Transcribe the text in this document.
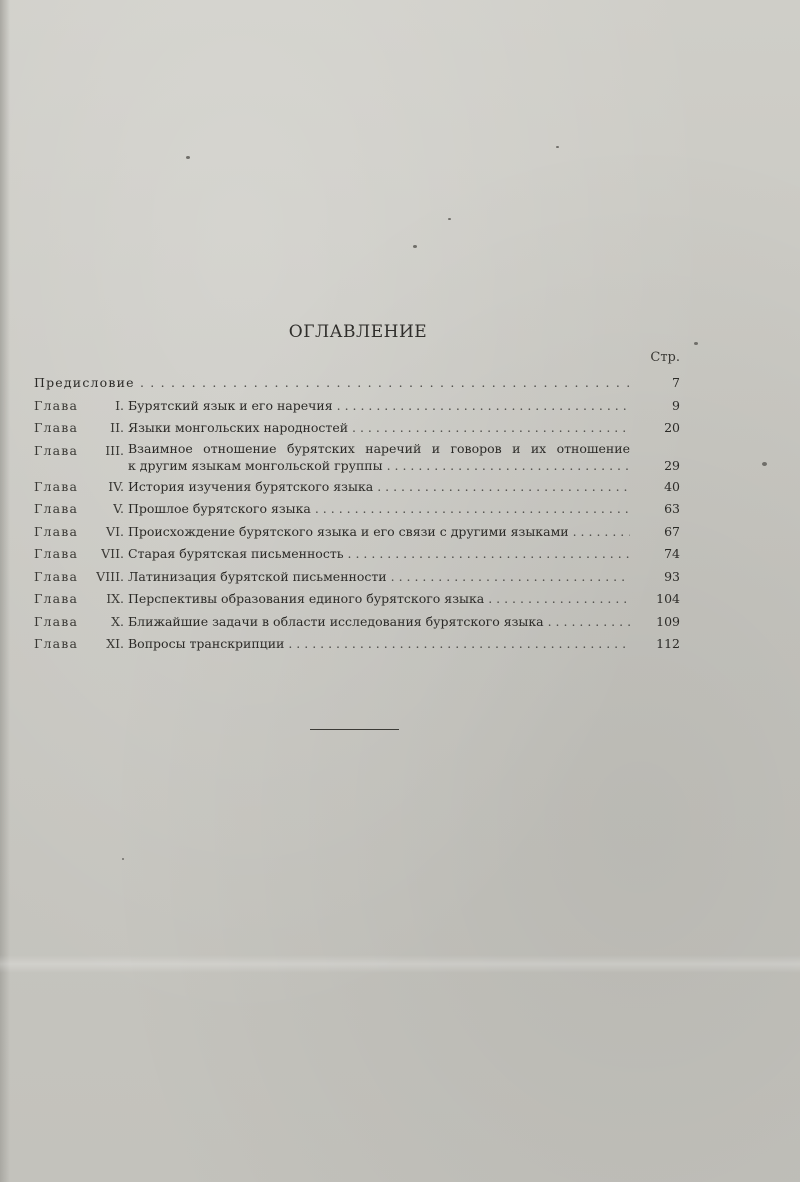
ОГЛАВЛЕНИЕ
Стр.
Предисловие . . .	7
Глава	I. Бурятский язык и его наречия . . .	9
Глава	II. Языки монгольских народностей . . .	20
Глава	III. Взаимное отношение бурятских наречий и говоров и их отношение
к другим языкам монгольской группы . . .	29
Глава	IV. История изучения бурятского языка . . .	40
Глава	V. Прошлое бурятского языка . . .	63
Глава	VI. Происхождение бурятского языка и его связи с другими языками . . .	67
Глава	VII. Старая бурятская письменность . . .	74
Глава	VIII. Латинизация бурятской письменности . . .	93
Глава	IX. Перспективы образования единого бурятского языка . . .	104
Глава	X. Ближайшие задачи в области исследования бурятского языка . . .	109
Глава	XI. Вопросы транскрипции . . .	112
